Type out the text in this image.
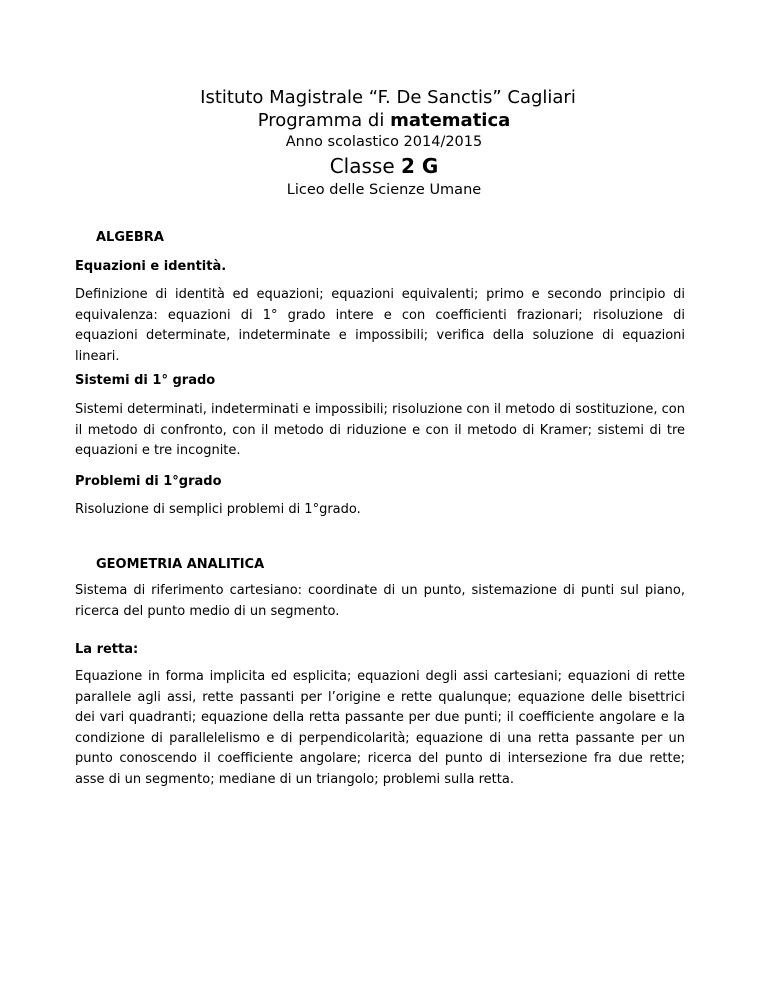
Istituto Magistrale “F. De Sanctis” Cagliari
Programma di matematica
Anno scolastico 2014/2015
Classe 2 G
Liceo delle Scienze Umane
ALGEBRA
Equazioni e identità.

Definizione di identità ed equazioni; equazioni equivalenti; primo e secondo principio di equivalenza: equazioni di 1° grado intere e con coefficienti frazionari; risoluzione di equazioni determinate, indeterminate e impossibili; verifica della soluzione di equazioni lineari.

Sistemi di 1° grado

Sistemi determinati, indeterminati e impossibili; risoluzione con il metodo di sostituzione, con il metodo di confronto, con il metodo di riduzione e con il metodo di Kramer; sistemi di tre equazioni e tre incognite.

Problemi di 1°grado

Risoluzione di semplici problemi di 1°grado.

GEOMETRIA ANALITICA

Sistema di riferimento cartesiano: coordinate di un punto, sistemazione di punti sul piano, ricerca del punto medio di un segmento.

La retta:

Equazione in forma implicita ed esplicita; equazioni degli assi cartesiani; equazioni di rette parallele agli assi, rette passanti per l’origine e rette qualunque; equazione delle bisettrici dei vari quadranti; equazione della retta passante per due punti; il coefficiente angolare e la condizione di parallelelismo e di perpendicolarità; equazione di una retta passante per un punto conoscendo il coefficiente angolare; ricerca del punto di intersezione fra due rette; asse di un segmento; mediane di un triangolo; problemi sulla retta.
